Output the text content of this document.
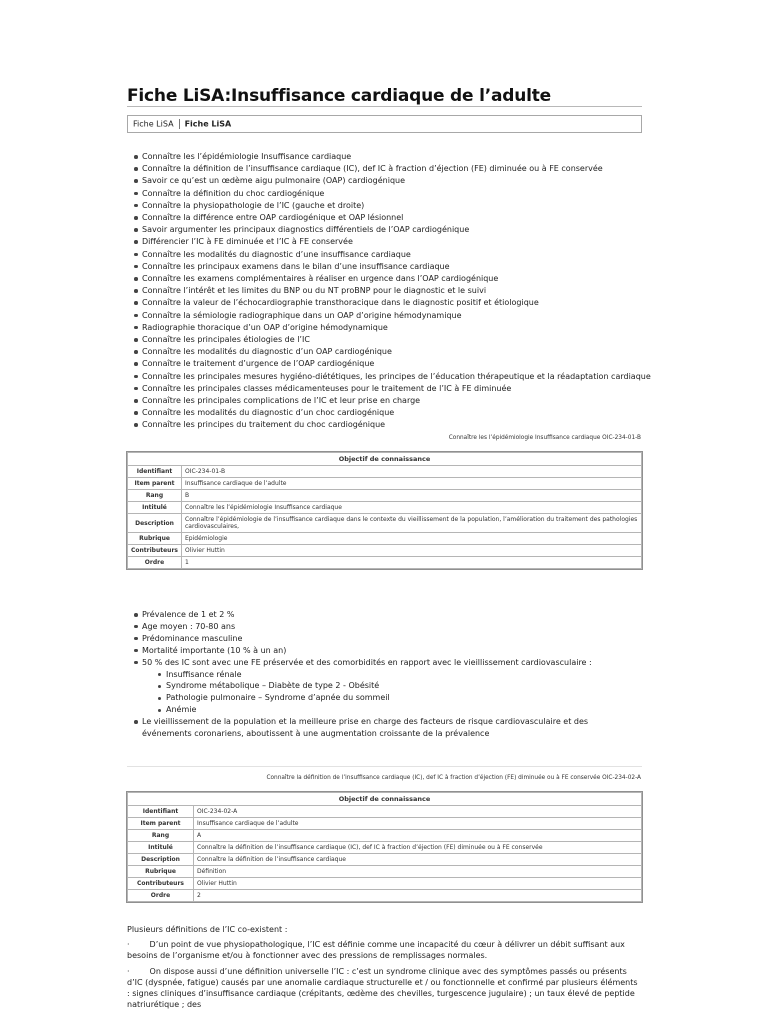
Fiche LiSA:Insuffisance cardiaque de l’adulte
Fiche LiSA Fiche LiSA
Connaître les l’épidémiologie Insuffisance cardiaque
Connaître la définition de l’insuffisance cardiaque (IC), def IC à fraction d’éjection (FE) diminuée ou à FE conservée
Savoir ce qu’est un œdème aigu pulmonaire (OAP) cardiogénique
Connaître la définition du choc cardiogénique
Connaître la physiopathologie de l’IC (gauche et droite)
Connaître la différence entre OAP cardiogénique et OAP lésionnel
Savoir argumenter les principaux diagnostics différentiels de l’OAP cardiogénique
Différencier l’IC à FE diminuée et l’IC à FE conservée
Connaître les modalités du diagnostic d’une insuffisance cardiaque
Connaître les principaux examens dans le bilan d’une insuffisance cardiaque
Connaître les examens complémentaires à réaliser en urgence dans l’OAP cardiogénique
Connaître l’intérêt et les limites du BNP ou du NT proBNP pour le diagnostic et le suivi
Connaître la valeur de l’échocardiographie transthoracique dans le diagnostic positif et étiologique
Connaître la sémiologie radiographique dans un OAP d’origine hémodynamique
Radiographie thoracique d’un OAP d’origine hémodynamique
Connaître les principales étiologies de l’IC
Connaître les modalités du diagnostic d’un OAP cardiogénique
Connaître le traitement d’urgence de l’OAP cardiogénique
Connaître les principales mesures hygiéno-diététiques, les principes de l’éducation thérapeutique et la réadaptation cardiaque
Connaître les principales classes médicamenteuses pour le traitement de l’IC à FE diminuée
Connaître les principales complications de l’IC et leur prise en charge
Connaître les modalités du diagnostic d’un choc cardiogénique
Connaître les principes du traitement du choc cardiogénique
Connaître les l’épidémiologie Insuffisance cardiaque OIC-234-01-B
Objectif de connaissance	
Identifiant	OIC-234-01-B
Item parent	Insuffisance cardiaque de l’adulte
Rang	B
Intitulé	Connaître les l’épidémiologie Insuffisance cardiaque
Description	Connaître l’épidémiologie de l’insuffisance cardiaque dans le contexte du vieillissement de la population, l’amélioration du traitement des pathologies cardiovasculaires,
Rubrique	Epidémiologie
Contributeurs	Olivier Huttin
Ordre	1
Prévalence de 1 et 2 %
Age moyen : 70-80 ans
Prédominance masculine
Mortalité importante (10 % à un an)
50 % des IC sont avec une FE préservée et des comorbidités en rapport avec le vieillissement cardiovasculaire :
Insuffisance rénale
Syndrome métabolique – Diabète de type 2 - Obésité
Pathologie pulmonaire – Syndrome d’apnée du sommeil
Anémie
Le vieillissement de la population et la meilleure prise en charge des facteurs de risque cardiovasculaire et des événements coronariens, aboutissent à une augmentation croissante de la prévalence
Connaître la définition de l’insuffisance cardiaque (IC), def IC à fraction d’éjection (FE) diminuée ou à FE conservée OIC-234-02-A
Objectif de connaissance	
Identifiant	OIC-234-02-A
Item parent	Insuffisance cardiaque de l’adulte
Rang	A
Intitulé	Connaître la définition de l’insuffisance cardiaque (IC), def IC à fraction d’éjection (FE) diminuée ou à FE conservée
Description	Connaître la définition de l’insuffisance cardiaque
Rubrique	Définition
Contributeurs	Olivier Huttin
Ordre	2
Plusieurs définitions de l’IC co-existent :
·	D’un point de vue physiopathologique, l’IC est définie comme une incapacité du cœur à délivrer un débit suffisant aux besoins de l’organisme et/ou à fonctionner avec des pressions de remplissages normales.
·	On dispose aussi d’une définition universelle l’IC : c’est un syndrome clinique avec des symptômes passés ou présents d’IC (dyspnée, fatigue) causés par une anomalie cardiaque structurelle et / ou fonctionnelle et confirmé par plusieurs éléments : signes cliniques d’insuffisance cardiaque (crépitants, œdème des chevilles, turgescence jugulaire) ; un taux élevé de peptide natriurétique ; des
